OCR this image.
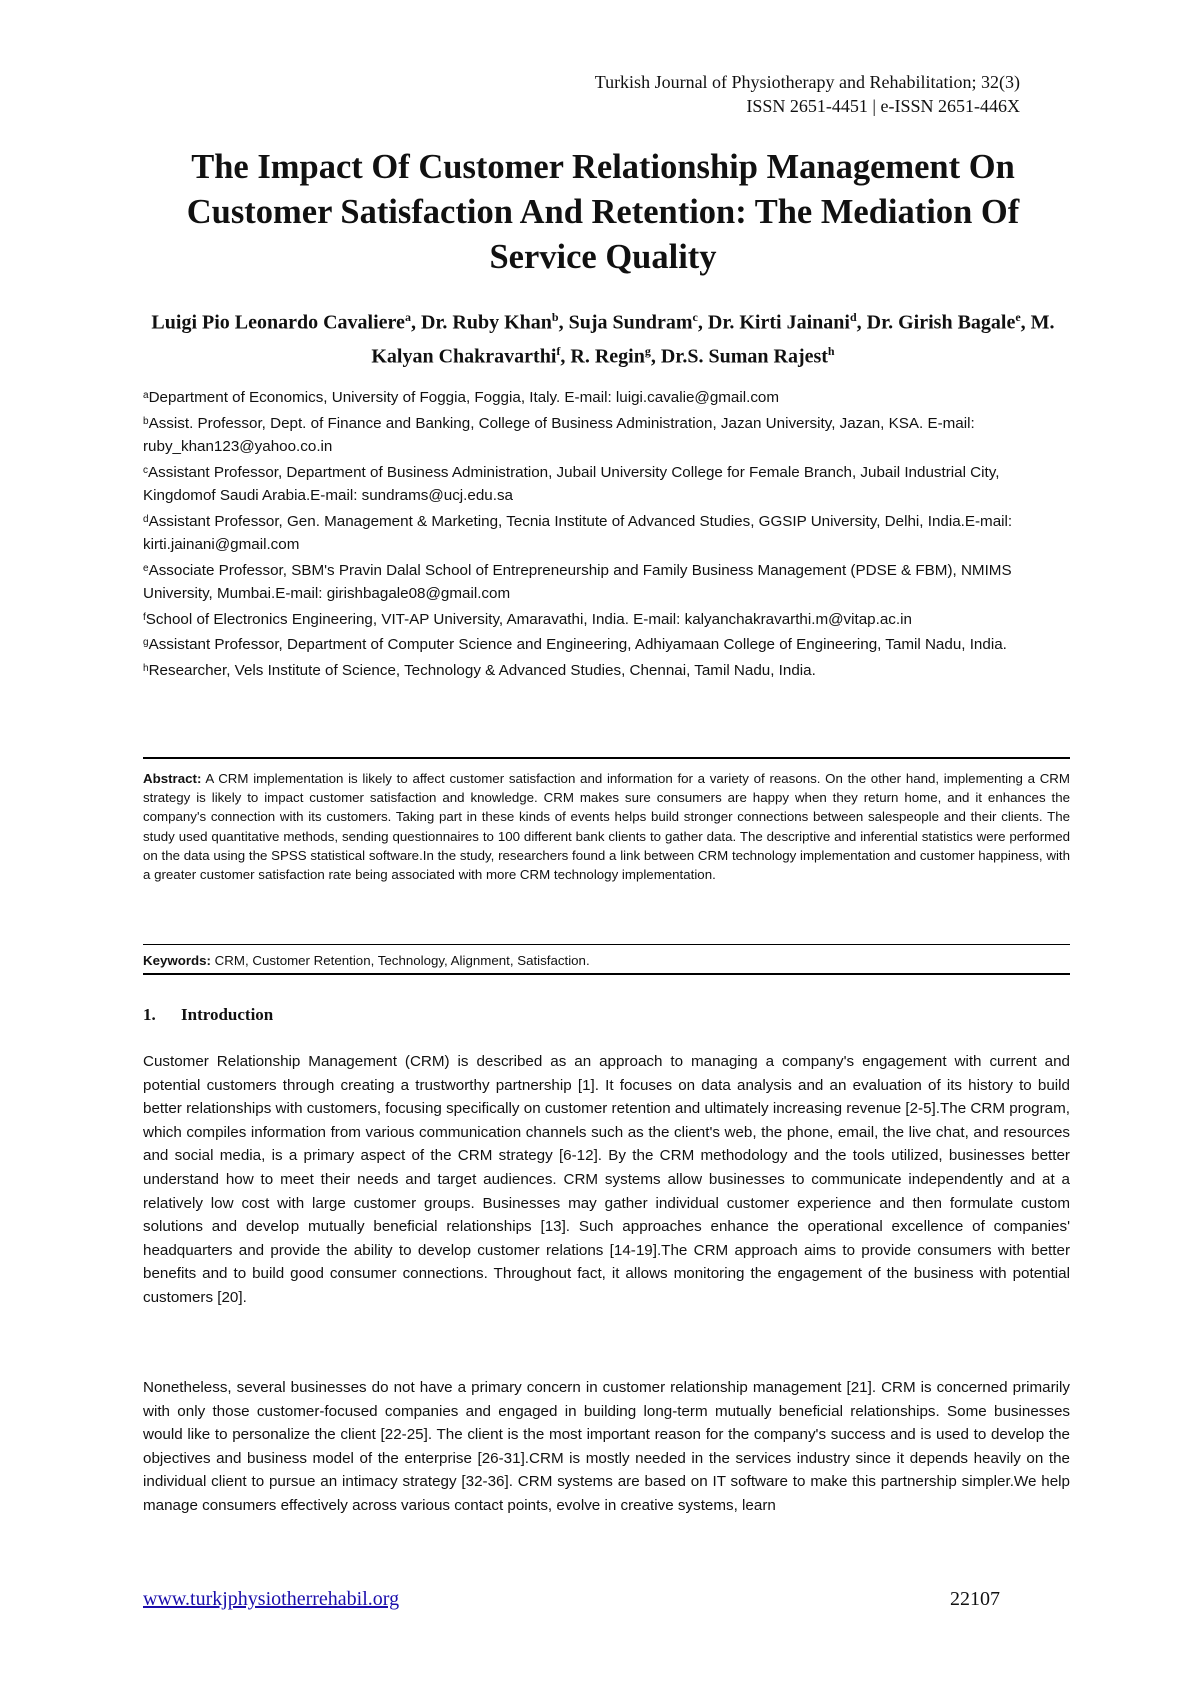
Turkish Journal of Physiotherapy and Rehabilitation; 32(3)
ISSN 2651-4451 | e-ISSN 2651-446X
The Impact Of Customer Relationship Management On Customer Satisfaction And Retention: The Mediation Of Service Quality
Luigi Pio Leonardo Cavaliere$^a$, Dr. Ruby Khan$^b$, Suja Sundram$^c$, Dr. Kirti Jainani$^d$, Dr. Girish Bagale$^e$, M. Kalyan Chakravarthi$^f$, R. Regin$^g$, Dr.S. Suman Rajest$^h$
$^a$Department of Economics, University of Foggia, Foggia, Italy. E-mail: luigi.cavalie@gmail.com
$^b$Assist. Professor, Dept. of Finance and Banking, College of Business Administration, Jazan University, Jazan, KSA. E-mail: ruby_khan123@yahoo.co.in
$^c$Assistant Professor, Department of Business Administration, Jubail University College for Female Branch, Jubail Industrial City, Kingdomof Saudi Arabia.E-mail: sundrams@ucj.edu.sa
$^d$Assistant Professor, Gen. Management & Marketing, Tecnia Institute of Advanced Studies, GGSIP University, Delhi, India.E-mail: kirti.jainani@gmail.com
$^e$Associate Professor, SBM's Pravin Dalal School of Entrepreneurship and Family Business Management (PDSE & FBM), NMIMS University, Mumbai.E-mail: girishbagale08@gmail.com
$^f$School of Electronics Engineering, VIT-AP University, Amaravathi, India. E-mail: kalyanchakravarthi.m@vitap.ac.in
$^g$Assistant Professor, Department of Computer Science and Engineering, Adhiyamaan College of Engineering, Tamil Nadu, India.
$^h$Researcher, Vels Institute of Science, Technology & Advanced Studies, Chennai, Tamil Nadu, India.

Abstract: A CRM implementation is likely to affect customer satisfaction and information for a variety of reasons. On the other hand, implementing a CRM strategy is likely to impact customer satisfaction and knowledge. CRM makes sure consumers are happy when they return home, and it enhances the company's connection with its customers. Taking part in these kinds of events helps build stronger connections between salespeople and their clients. The study used quantitative methods, sending questionnaires to 100 different bank clients to gather data. The descriptive and inferential statistics were performed on the data using the SPSS statistical software.In the study, researchers found a link between CRM technology implementation and customer happiness, with a greater customer satisfaction rate being associated with more CRM technology implementation.

Keywords: CRM, Customer Retention, Technology, Alignment, Satisfaction.
1. Introduction

Customer Relationship Management (CRM) is described as an approach to managing a company's engagement with current and potential customers through creating a trustworthy partnership [1]. It focuses on data analysis and an evaluation of its history to build better relationships with customers, focusing specifically on customer retention and ultimately increasing revenue [2-5].The CRM program, which compiles information from various communication channels such as the client's web, the phone, email, the live chat, and resources and social media, is a primary aspect of the CRM strategy [6-12]. By the CRM methodology and the tools utilized, businesses better understand how to meet their needs and target audiences. CRM systems allow businesses to communicate independently and at a relatively low cost with large customer groups. Businesses may gather individual customer experience and then formulate custom solutions and develop mutually beneficial relationships [13]. Such approaches enhance the operational excellence of companies' headquarters and provide the ability to develop customer relations [14-19].The CRM approach aims to provide consumers with better benefits and to build good consumer connections. Throughout fact, it allows monitoring the engagement of the business with potential customers [20].

Nonetheless, several businesses do not have a primary concern in customer relationship management [21]. CRM is concerned primarily with only those customer-focused companies and engaged in building long-term mutually beneficial relationships. Some businesses would like to personalize the client [22-25]. The client is the most important reason for the company's success and is used to develop the objectives and business model of the enterprise [26-31].CRM is mostly needed in the services industry since it depends heavily on the individual client to pursue an intimacy strategy [32-36]. CRM systems are based on IT software to make this partnership simpler.We help manage consumers effectively across various contact points, evolve in creative systems, learn

www.turkjphysiotherrehabil.org	22107
